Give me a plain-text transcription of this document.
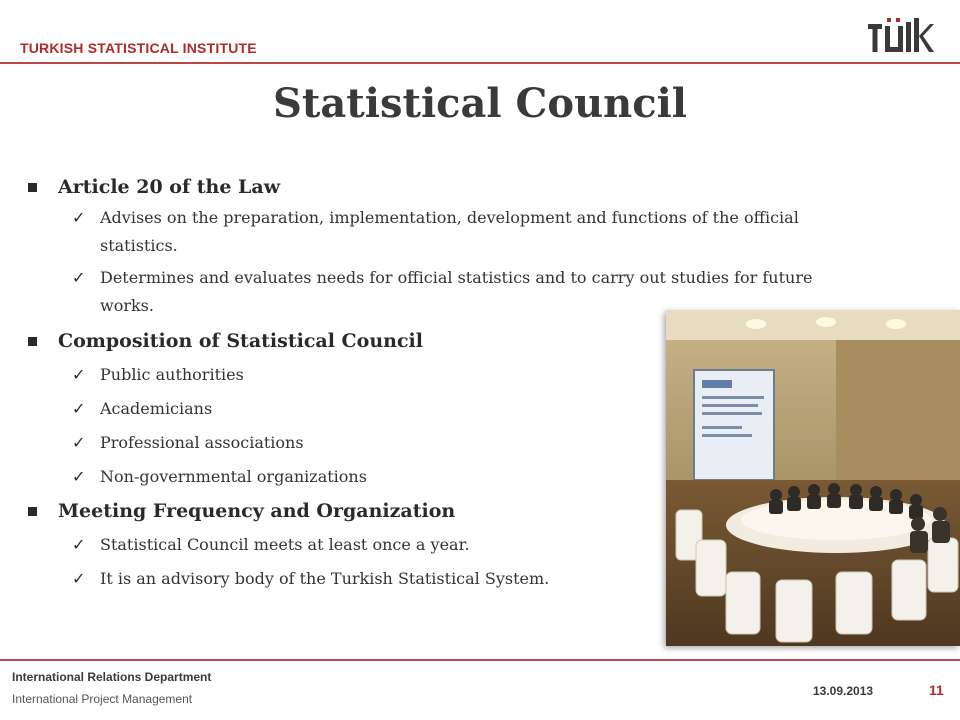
TURKISH STATISTICAL INSTITUTE
Statistical Council
Article 20 of the Law
✓ Advises on the preparation, implementation, development and functions of the official statistics.
✓ Determines and evaluates needs for official statistics and to carry out studies for future works.
Composition of Statistical Council
✓ Public authorities
✓ Academicians
✓ Professional associations
✓ Non-governmental organizations
Meeting Frequency and Organization
✓ Statistical Council meets at least once a year.
✓ It is an advisory body of the Turkish Statistical System.
International Relations Department
International Project Management
13.09.2013	11
